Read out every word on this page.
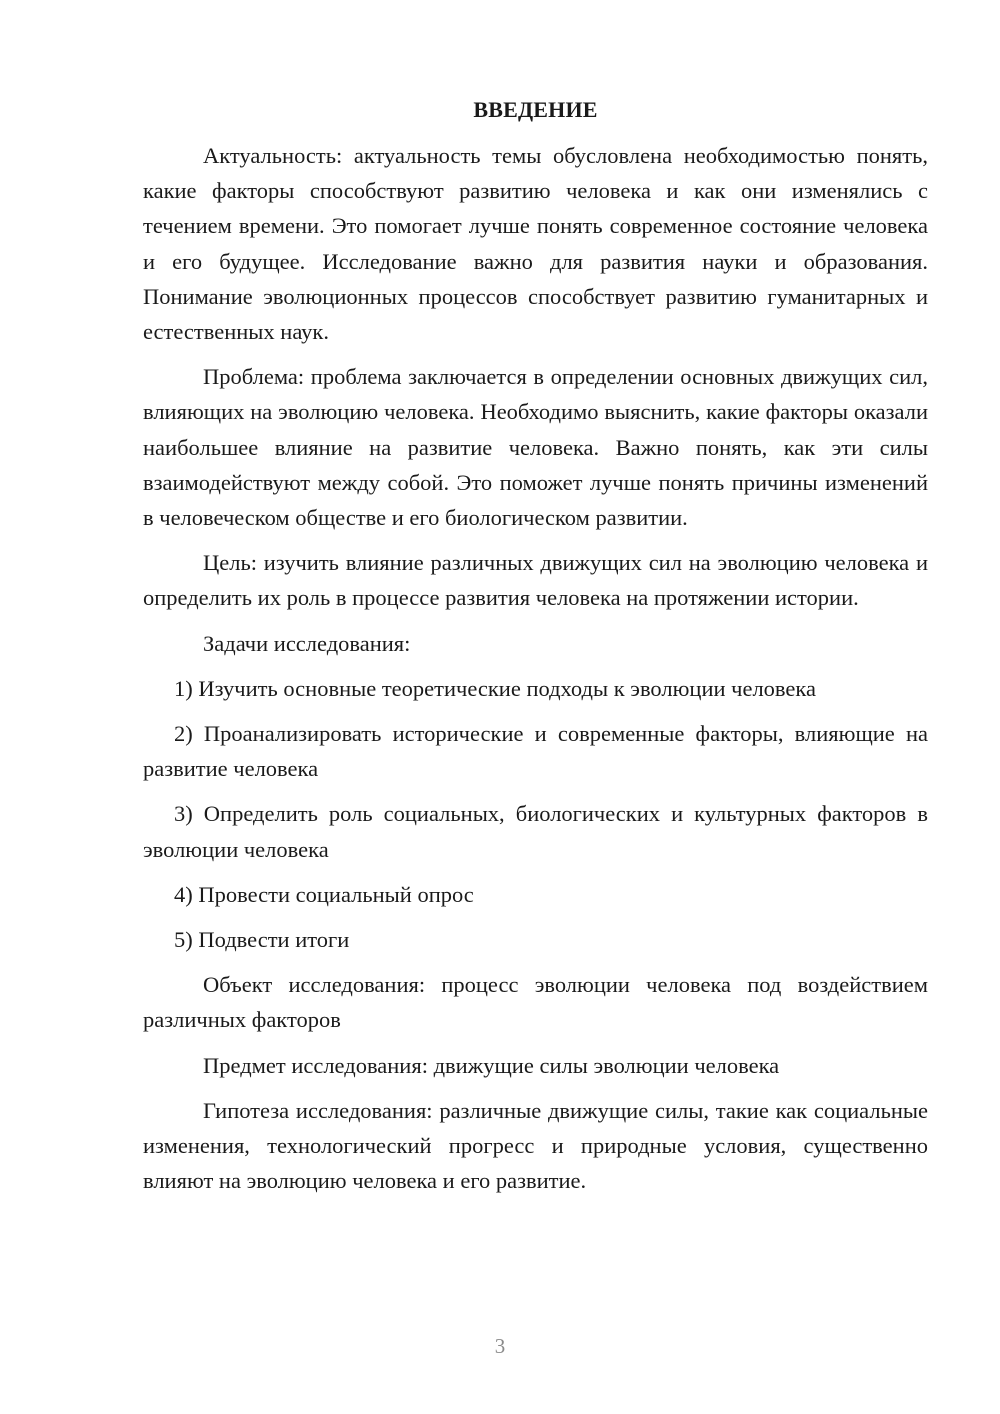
ВВЕДЕНИЕ

Актуальность: актуальность темы обусловлена необходимостью понять, какие факторы способствуют развитию человека и как они изменялись с течением времени. Это помогает лучше понять современное состояние человека и его будущее. Исследование важно для развития науки и образования. Понимание эволюционных процессов способствует развитию гуманитарных и естественных наук.

Проблема: проблема заключается в определении основных движущих сил, влияющих на эволюцию человека. Необходимо выяснить, какие факторы оказали наибольшее влияние на развитие человека. Важно понять, как эти силы взаимодействуют между собой. Это поможет лучше понять причины изменений в человеческом обществе и его биологическом развитии.

Цель: изучить влияние различных движущих сил на эволюцию человека и определить их роль в процессе развития человека на протяжении истории.

Задачи исследования:

1) Изучить основные теоретические подходы к эволюции человека

2) Проанализировать исторические и современные факторы, влияющие на развитие человека

3) Определить роль социальных, биологических и культурных факторов в эволюции человека

4) Провести социальный опрос

5) Подвести итоги

Объект исследования: процесс эволюции человека под воздействием различных факторов

Предмет исследования: движущие силы эволюции человека

Гипотеза исследования: различные движущие силы, такие как социальные изменения, технологический прогресс и природные условия, существенно влияют на эволюцию человека и его развитие.

3
